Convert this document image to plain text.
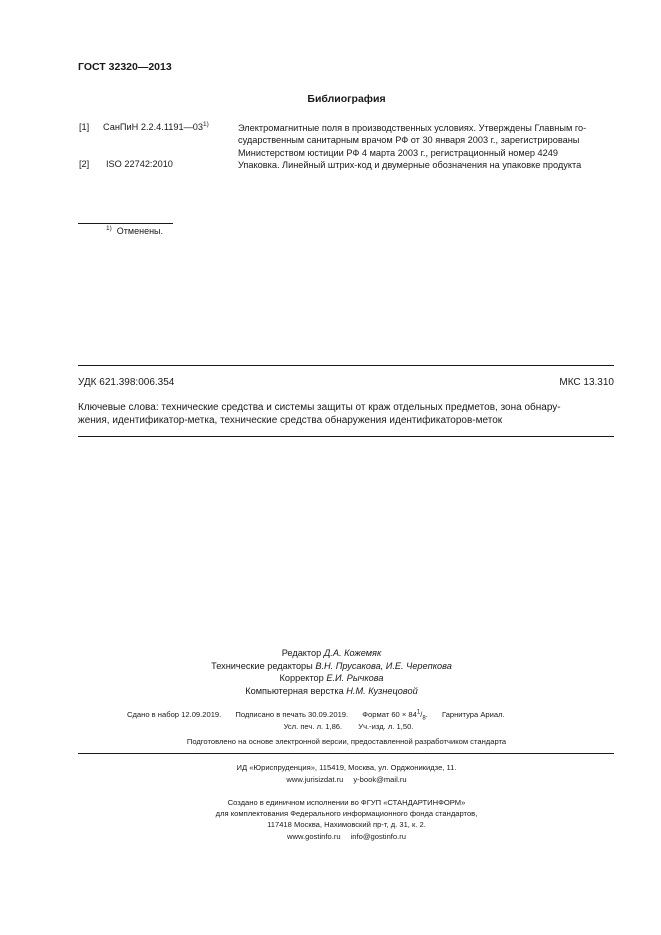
ГОСТ 32320—2013
Библиография
[1] СанПиН 2.2.4.1191—03$^{1)}$	Электромагнитные поля в производственных условиях. Утверждены Главным го-
сударственным санитарным врачом РФ от 30 января 2003 г., зарегистрированы
Министерством юстиции РФ 4 марта 2003 г., регистрационный номер 4249
[2] ISO 22742:2010	Упаковка. Линейный штрих-код и двумерные обозначения на упаковке продукта
$^{1)}$ Отменены.
УДК 621.398:006.354	МКС 13.310
Ключевые слова: технические средства и системы защиты от краж отдельных предметов, зона обнару-
жения, идентификатор-метка, технические средства обнаружения идентификаторов-меток
Редактор Д.А. Кожемяк
Технические редакторы В.Н. Прусакова, И.Е. Черепкова
Корректор Е.И. Рычкова
Компьютерная верстка Н.М. Кузнецовой
Сдано в набор 12.09.2019. Подписано в печать 30.09.2019. Формат $60 \times 84^1/_8$. Гарнитура Ариал.
Усл. печ. л. 1,86. Уч.-изд. л. 1,50.
Подготовлено на основе электронной версии, предоставленной разработчиком стандарта
ИД «Юриспруденция», 115419, Москва, ул. Орджоникидзе, 11.
www.jurisizdat.ru y-book@mail.ru
Создано в единичном исполнении во ФГУП «СТАНДАРТИНФОРМ»
для комплектования Федерального информационного фонда стандартов,
117418 Москва, Нахимовский пр-т, д. 31, к. 2.
www.gostinfo.ru info@gostinfo.ru
